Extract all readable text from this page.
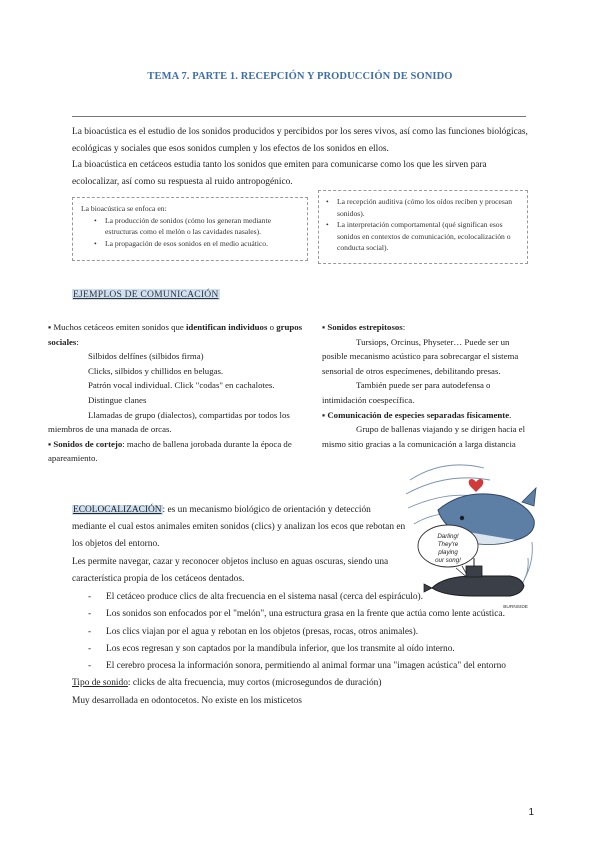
TEMA 7. PARTE 1. RECEPCIÓN Y PRODUCCIÓN DE SONIDO
La bioacústica es el estudio de los sonidos producidos y percibidos por los seres vivos, así como las funciones biológicas, ecológicas y sociales que esos sonidos cumplen y los efectos de los sonidos en ellos.
La bioacústica en cetáceos estudia tanto los sonidos que emiten para comunicarse como los que les sirven para ecolocalizar, así como su respuesta al ruido antropogénico.
La bioacústica se enfoca en:
• La producción de sonidos (cómo los generan mediante estructuras como el melón o las cavidades nasales).
• La propagación de esos sonidos en el medio acuático.
• La recepción auditiva (cómo los oídos reciben y procesan sonidos).
• La interpretación comportamental (qué significan esos sonidos en contextos de comunicación, ecolocalización o conducta social).
EJEMPLOS DE COMUNICACIÓN
▪ Muchos cetáceos emiten sonidos que identifican individuos o grupos sociales:
Silbidos delfínes (silbidos firma)
Clicks, silbidos y chillidos en belugas.
Patrón vocal individual. Click "codas" en cachalotes.
Distingue clanes
Llamadas de grupo (dialectos), compartidas por todos los miembros de una manada de orcas.
▪ Sonidos de cortejo: macho de ballena jorobada durante la época de apareamiento.
▪ Sonidos estrepitosos:
Tursiops, Orcinus, Physeter… Puede ser un posible mecanismo acústico para sobrecargar el sistema sensorial de otros especímenes, debilitando presas.
También puede ser para autodefensa o intimidación coespecífica.
▪ Comunicación de especies separadas físicamente.
Grupo de ballenas viajando y se dirigen hacia el mismo sitio gracias a la comunicación a larga distancia
Darling!
They're
playing
our song!
BURNSIDE
ECOLOCALIZACIÓN: es un mecanismo biológico de orientación y detección mediante el cual estos animales emiten sonidos (clics) y analizan los ecos que rebotan en los objetos del entorno.
Les permite navegar, cazar y reconocer objetos incluso en aguas oscuras, siendo una característica propia de los cetáceos dentados.
- El cetáceo produce clics de alta frecuencia en el sistema nasal (cerca del espiráculo).
- Los sonidos son enfocados por el "melón", una estructura grasa en la frente que actúa como lente acústica.
- Los clics viajan por el agua y rebotan en los objetos (presas, rocas, otros animales).
- Los ecos regresan y son captados por la mandíbula inferior, que los transmite al oído interno.
- El cerebro procesa la información sonora, permitiendo al animal formar una "imagen acústica" del entorno
Tipo de sonido: clicks de alta frecuencia, muy cortos (microsegundos de duración)
Muy desarrollada en odontocetos. No existe en los misticetos
1
